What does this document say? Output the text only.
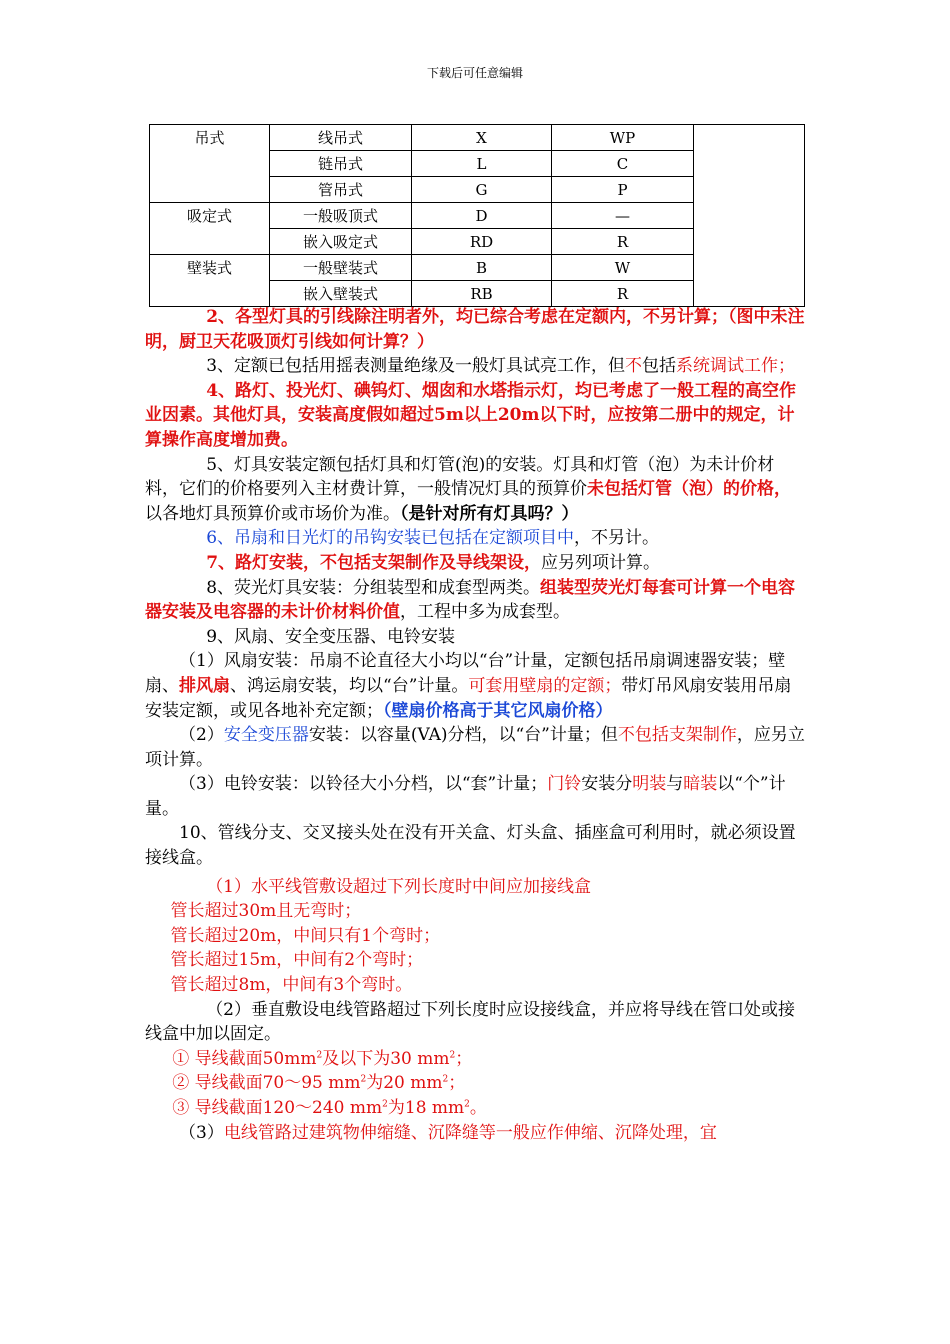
下载后可任意编辑
吊式	线吊式	X	WP	
	链吊式	L	C	
	管吊式	G	P	
吸定式	一般吸顶式	D	—	
	嵌入吸定式	RD	R	
壁装式	一般壁装式	B	W	
	嵌入壁装式	RB	R	

2、各型灯具的引线除注明者外，均已综合考虑在定额内，不另计算；（图中未注明，厨卫天花吸顶灯引线如何计算？）

3、定额已包括用摇表测量绝缘及一般灯具试亮工作，但不包括系统调试工作；

4、路灯、投光灯、碘钨灯、烟囱和水塔指示灯，均已考虑了一般工程的高空作业因素。其他灯具，安装高度假如超过5m以上20m以下时，应按第二册中的规定，计算操作高度增加费。

5、灯具安装定额包括灯具和灯管(泡)的安装。灯具和灯管（泡）为未计价材料，它们的价格要列入主材费计算，一般情况灯具的预算价未包括灯管（泡）的价格，以各地灯具预算价或市场价为准。（是针对所有灯具吗？）

6、吊扇和日光灯的吊钩安装已包括在定额项目中，不另计。

7、路灯安装，不包括支架制作及导线架设，应另列项计算。

8、荧光灯具安装：分组装型和成套型两类。组装型荧光灯每套可计算一个电容器安装及电容器的未计价材料价值，工程中多为成套型。

9、风扇、安全变压器、电铃安装

（1）风扇安装：吊扇不论直径大小均以“台”计量，定额包括吊扇调速器安装；壁扇、排风扇、鸿运扇安装，均以“台”计量。可套用壁扇的定额；带灯吊风扇安装用吊扇安装定额，或见各地补充定额；（壁扇价格高于其它风扇价格）

（2）安全变压器安装：以容量(VA)分档，以“台”计量；但不包括支架制作，应另立项计算。

（3）电铃安装：以铃径大小分档，以“套”计量；门铃安装分明装与暗装以“个”计量。

10、管线分支、交叉接头处在没有开关盒、灯头盒、插座盒可利用时，就必须设置接线盒。

（1）水平线管敷设超过下列长度时中间应加接线盒

管长超过30m且无弯时；

管长超过20m，中间只有1个弯时；

管长超过15m，中间有2个弯时；

管长超过8m，中间有3个弯时。

（2）垂直敷设电线管路超过下列长度时应设接线盒，并应将导线在管口处或接线盒中加以固定。

① 导线截面$50mm^2$及以下为30 $mm^2$；

② 导线截面70～95 $mm^2$为20 $mm^2$；

③ 导线截面120～240 $mm^2$为18 $mm^2$。

（3）电线管路过建筑物伸缩缝、沉降缝等一般应作伸缩、沉降处理，宜
